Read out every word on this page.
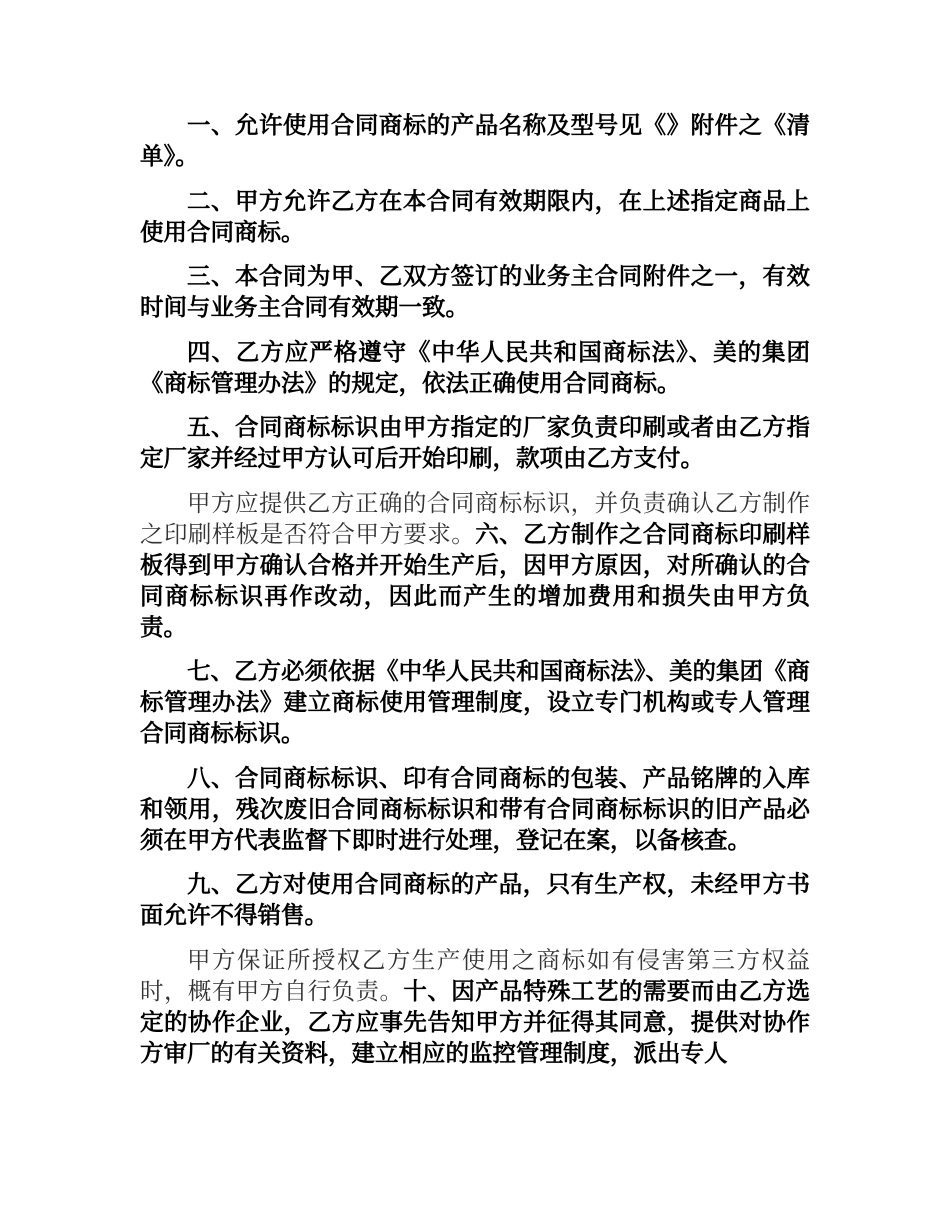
一、允许使用合同商标的产品名称及型号见《》附件之《清单》。

二、甲方允许乙方在本合同有效期限内，在上述指定商品上使用合同商标。

三、本合同为甲、乙双方签订的业务主合同附件之一，有效时间与业务主合同有效期一致。

四、乙方应严格遵守《中华人民共和国商标法》、美的集团《商标管理办法》的规定，依法正确使用合同商标。

五、合同商标标识由甲方指定的厂家负责印刷或者由乙方指定厂家并经过甲方认可后开始印刷，款项由乙方支付。

甲方应提供乙方正确的合同商标标识，并负责确认乙方制作之印刷样板是否符合甲方要求。六、乙方制作之合同商标印刷样板得到甲方确认合格并开始生产后，因甲方原因，对所确认的合同商标标识再作改动，因此而产生的增加费用和损失由甲方负责。

七、乙方必须依据《中华人民共和国商标法》、美的集团《商标管理办法》建立商标使用管理制度，设立专门机构或专人管理合同商标标识。

八、合同商标标识、印有合同商标的包装、产品铭牌的入库和领用，残次废旧合同商标标识和带有合同商标标识的旧产品必须在甲方代表监督下即时进行处理，登记在案，以备核查。

九、乙方对使用合同商标的产品，只有生产权，未经甲方书面允许不得销售。

甲方保证所授权乙方生产使用之商标如有侵害第三方权益时，概有甲方自行负责。十、因产品特殊工艺的需要而由乙方选定的协作企业，乙方应事先告知甲方并征得其同意，提供对协作方审厂的有关资料，建立相应的监控管理制度，派出专人
